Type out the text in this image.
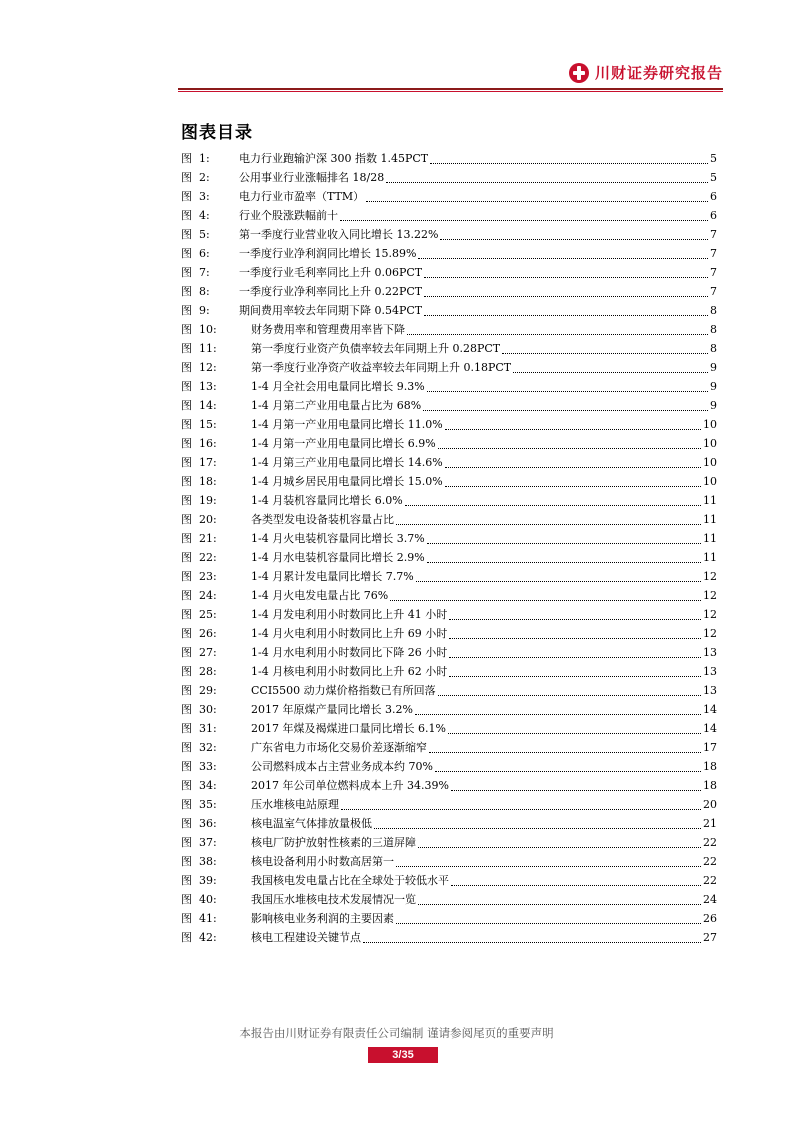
川财证券研究报告
图表目录
图 1:	电力行业跑输沪深 300 指数 1.45PCT	5
图 2:	公用事业行业涨幅排名 18/28	5
图 3:	电力行业市盈率（TTM）	6
图 4:	行业个股涨跌幅前十	6
图 5:	第一季度行业营业收入同比增长 13.22%	7
图 6:	一季度行业净利润同比增长 15.89%	7
图 7:	一季度行业毛利率同比上升 0.06PCT	7
图 8:	一季度行业净利率同比上升 0.22PCT	7
图 9:	期间费用率较去年同期下降 0.54PCT	8
图 10:	财务费用率和管理费用率皆下降	8
图 11:	第一季度行业资产负债率较去年同期上升 0.28PCT	8
图 12:	第一季度行业净资产收益率较去年同期上升 0.18PCT	9
图 13:	1-4 月全社会用电量同比增长 9.3%	9
图 14:	1-4 月第二产业用电量占比为 68%	9
图 15:	1-4 月第一产业用电量同比增长 11.0%	10
图 16:	1-4 月第一产业用电量同比增长 6.9%	10
图 17:	1-4 月第三产业用电量同比增长 14.6%	10
图 18:	1-4 月城乡居民用电量同比增长 15.0%	10
图 19:	1-4 月装机容量同比增长 6.0%	11
图 20:	各类型发电设备装机容量占比	11
图 21:	1-4 月火电装机容量同比增长 3.7%	11
图 22:	1-4 月水电装机容量同比增长 2.9%	11
图 23:	1-4 月累计发电量同比增长 7.7%	12
图 24:	1-4 月火电发电量占比 76%	12
图 25:	1-4 月发电利用小时数同比上升 41 小时	12
图 26:	1-4 月火电利用小时数同比上升 69 小时	12
图 27:	1-4 月水电利用小时数同比下降 26 小时	13
图 28:	1-4 月核电利用小时数同比上升 62 小时	13
图 29:	CCI5500 动力煤价格指数已有所回落	13
图 30:	2017 年原煤产量同比增长 3.2%	14
图 31:	2017 年煤及褐煤进口量同比增长 6.1%	14
图 32:	广东省电力市场化交易价差逐渐缩窄	17
图 33:	公司燃料成本占主营业务成本约 70%	18
图 34:	2017 年公司单位燃料成本上升 34.39%	18
图 35:	压水堆核电站原理	20
图 36:	核电温室气体排放量极低	21
图 37:	核电厂防护放射性核素的三道屏障	22
图 38:	核电设备利用小时数高居第一	22
图 39:	我国核电发电量占比在全球处于较低水平	22
图 40:	我国压水堆核电技术发展情况一览	24
图 41:	影响核电业务利润的主要因素	26
图 42:	核电工程建设关键节点	27
本报告由川财证券有限责任公司编制 谨请参阅尾页的重要声明
3/35
